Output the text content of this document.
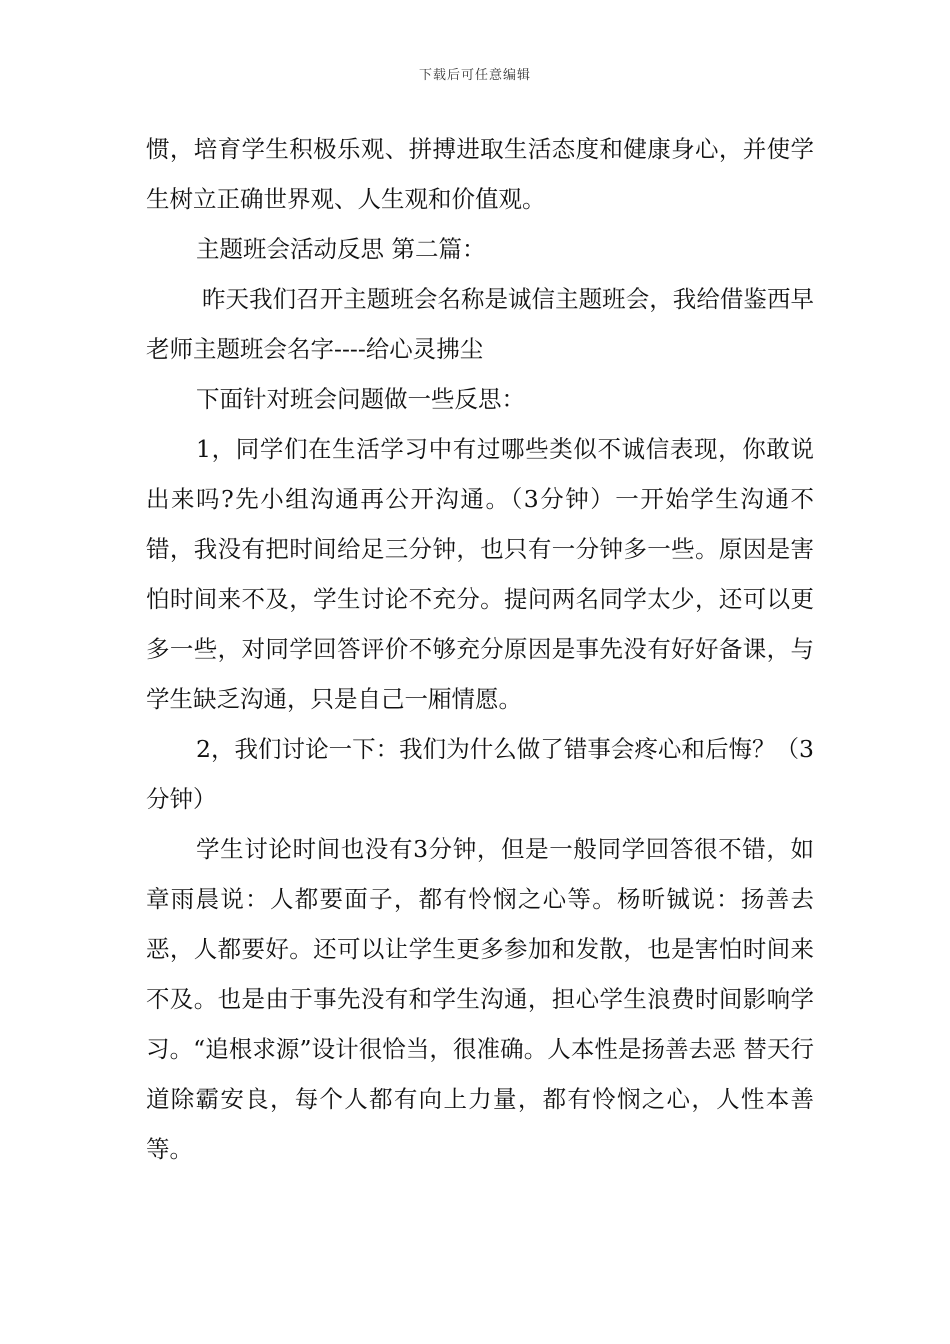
下载后可任意编辑

惯，培育学生积极乐观、拼搏进取生活态度和健康身心，并使学生树立正确世界观、人生观和价值观。

主题班会活动反思 第二篇：

昨天我们召开主题班会名称是诚信主题班会，我给借鉴西早老师主题班会名字----给心灵拂尘

下面针对班会问题做一些反思：

1，同学们在生活学习中有过哪些类似不诚信表现，你敢说出来吗?先小组沟通再公开沟通。（3分钟）一开始学生沟通不错，我没有把时间给足三分钟，也只有一分钟多一些。原因是害怕时间来不及，学生讨论不充分。提问两名同学太少，还可以更多一些，对同学回答评价不够充分原因是事先没有好好备课，与学生缺乏沟通，只是自己一厢情愿。

2，我们讨论一下：我们为什么做了错事会疼心和后悔？（3分钟）

学生讨论时间也没有3分钟，但是一般同学回答很不错，如章雨晨说：人都要面子，都有怜悯之心等。杨昕铖说：扬善去恶，人都要好。还可以让学生更多参加和发散，也是害怕时间来不及。也是由于事先没有和学生沟通，担心学生浪费时间影响学习。“追根求源”设计很恰当，很准确。人本性是扬善去恶 替天行道除霸安良，每个人都有向上力量，都有怜悯之心，人性本善等。
